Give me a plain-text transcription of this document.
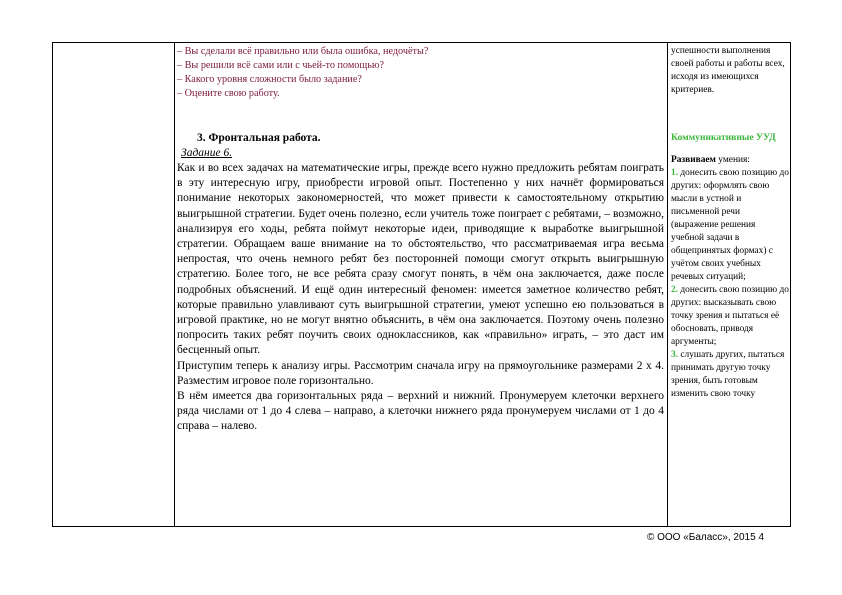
– Вы сделали всё правильно или была ошибка, недочёты?

– Вы решили всё сами или с чьей-то помощью?

– Какого уровня сложности было задание?

– Оцените свою работу.

3. Фронтальная работа.

Задание 6.

Как и во всех задачах на математические игры, прежде всего нужно предложить ребятам поиграть в эту интересную игру, приобрести игровой опыт. Постепенно у них начнёт формироваться понимание некоторых закономерностей, что может привести к самостоятельному открытию выигрышной стратегии. Будет очень полезно, если учитель тоже поиграет с ребятами, – возможно, анализируя его ходы, ребята поймут некоторые идеи, приводящие к выработке выигрышной стратегии. Обращаем ваше внимание на то обстоятельство, что рассматриваемая игра весьма непростая, что очень немного ребят без посторонней помощи смогут открыть выигрышную стратегию. Более того, не все ребята сразу смогут понять, в чём она заключается, даже после подробных объяснений. И ещё один интересный феномен: имеется заметное количество ребят, которые правильно улавливают суть выигрышной стратегии, умеют успешно ею пользоваться в игровой практике, но не могут внятно объяснить, в чём она заключается. Поэтому очень полезно попросить таких ребят поучить своих одноклассников, как «правильно» играть, – это даст им бесценный опыт.

Приступим теперь к анализу игры. Рассмотрим сначала игру на прямоугольнике размерами 2 x 4. Разместим игровое поле горизонтально.

В нём имеется два горизонтальных ряда – верхний и нижний. Пронумеруем клеточки верхнего ряда числами от 1 до 4 слева – направо, а клеточки нижнего ряда пронумеруем числами от 1 до 4 справа – налево.

успешности выполнения своей работы и работы всех, исходя из имеющихся критериев.

Коммуникативные УУД

Развиваем умения:

1. донесить свою позицию до других: оформлять свою мысли в устной и письменной речи (выражение решения учебной задачи в общепринятых формах) с учётом своих учебных речевых ситуаций;

2. донесить свою позицию до других: высказывать свою точку зрения и пытаться её обосновать, приводя аргументы;

3. слушать других, пытаться принимать другую точку зрения, быть готовым изменить свою точку

© ООО «Баласс», 2015 4
